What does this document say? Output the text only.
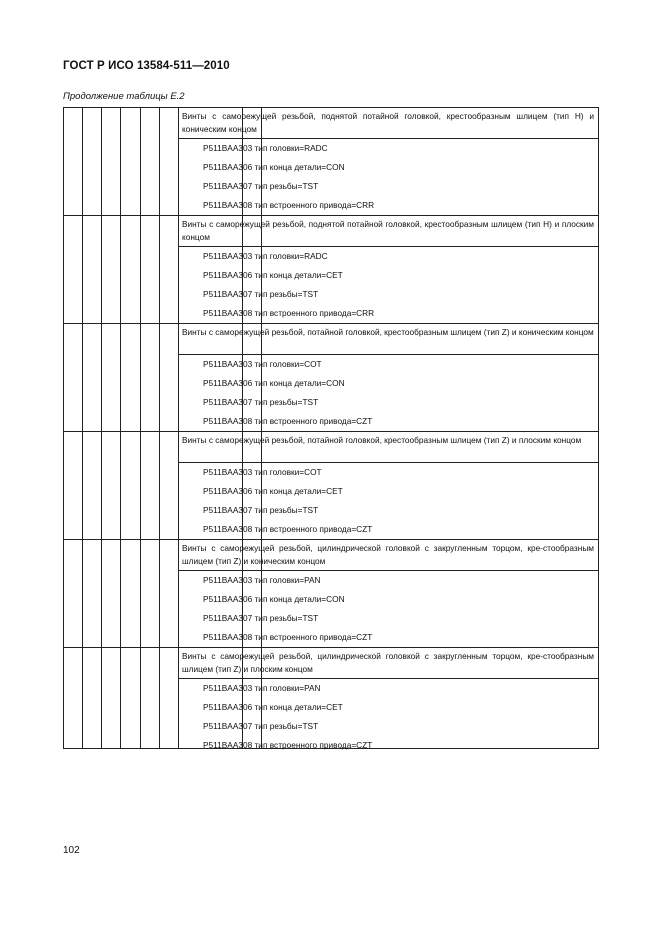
ГОСТ Р ИСО 13584-511—2010
Продолжение таблицы Е.2
Винты с саморежущей резьбой, поднятой потайной головкой, крестообразным шлицем (тип Н) и коническим концом
P511BAA303 тип головки=RADC
P511BAA306 тип конца детали=CON
P511BAA307 тип резьбы=TST
P511BAA308 тип встроенного привода=CRR
Винты с саморежущей резьбой, поднятой потайной головкой, крестообразным шлицем (тип Н) и плоским концом
P511BAA303 тип головки=RADC
P511BAA306 тип конца детали=CET
P511BAA307 тип резьбы=TST
P511BAA308 тип встроенного привода=CRR
Винты с саморежущей резьбой, потайной головкой, крестообразным шлицем (тип Z) и коническим концом
P511BAA303 тип головки=COT
P511BAA306 тип конца детали=CON
P511BAA307 тип резьбы=TST
P511BAA308 тип встроенного привода=CZT
Винты с саморежущей резьбой, потайной головкой, крестообразным шлицем (тип Z) и плоским концом
P511BAA303 тип головки=COT
P511BAA306 тип конца детали=CET
P511BAA307 тип резьбы=TST
P511BAA308 тип встроенного привода=CZT
Винты с саморежущей резьбой, цилиндрической головкой с закругленным торцом, кре-стообразным шлицем (тип Z) и коническим концом
P511BAA303 тип головки=PAN
P511BAA306 тип конца детали=CON
P511BAA307 тип резьбы=TST
P511BAA308 тип встроенного привода=CZT
Винты с саморежущей резьбой, цилиндрической головкой с закругленным торцом, кре-стообразным шлицем (тип Z) и плоским концом
P511BAA303 тип головки=PAN
P511BAA306 тип конца детали=CET
P511BAA307 тип резьбы=TST
P511BAA308 тип встроенного привода=CZT
102
